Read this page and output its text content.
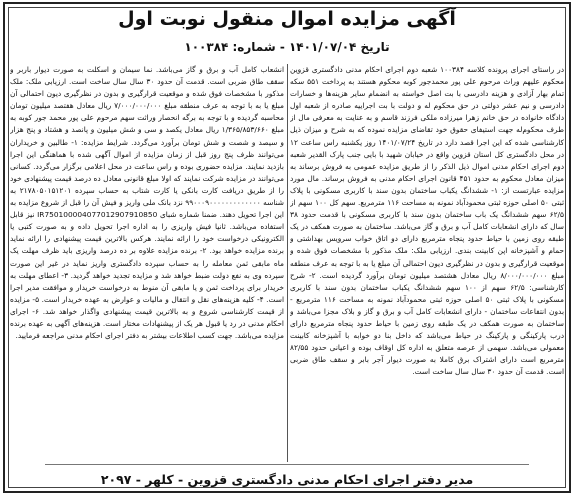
آگهی مزایده اموال منقول نوبت اول
تاریخ ۱۴۰۱/۰۷/۰۴ - شماره: ۱۰۰۳۸۴

در راستای اجرای پرونده کلاسه ۱۰۰۳۸۴ شعبه دوم اجرای احکام مدنی دادگستری قزوین محکوم علیهم وراث مرحوم علی پور محمدجور کوبه محکوم هستند به پرداخت ۵۵۱ سکه تمام بهار آزادی و هزینه دادرسی با بت اصل خواسته به انضمام سایر هزینه‌ها و خسارات دادرسی و نیم عشر دولتی در حق محکوم له و دولت با بت اجراییه صادره از شعبه اول دادگاه خانواده در حق خانم زهرا میرزاده ملکی فرزند قاسم و به عنایت به معرفی مال از طرف محکوم‌له جهت استیفای حقوق خود تقاضای مزایده نموده که به شرح و میزان ذیل کارشناسی شده که این اجرا قصد دارد در تاریخ ۱۴۰۱/۰۷/۲۴ روز یکشنبه راس ساعت ۱۲ در محل دادگستری کل استان قزوین واقع در خیابان شهید با بایی جنب پارک القدیر شعبه دوم اجرای احکام مدنی اموال ذیل الذکر را از طریق مزایده عمومی به فروش برساند به میزان معادل محکوم به حدود ۴۵۱ قانون اجرای احکام مدنی به فروش برساند. مال مورد مزایده عبارتست از: ۱- ششدانگ یکباب ساختمان بدون سند با کاربری مسکونی با پلاک ثبتی ۵۰ اصلی حوزه ثبتی محمودآباد نمونه به مساحت ۱۱۶ مترمربع. سهم کل ۱۰۰ سهم از ۶۲/۵ سهم ششدانگ یک باب ساختمان بدون سند با کاربری مسکونی با قدمت حدود ۳۸ سال که دارای انشعابات کامل آب و برق و گاز می‌باشد. ساختمان به صورت همکف در یک طبقه روی زمین با حیاط حدود پنجاه مترمربع دارای دو اتاق خواب سرویس بهداشتی و حمام و آشپزخانه اپن کابینت بندی. ارزیابی ملک: ملک مذکور با مشخصات فوق شده و موقعیت قرارگیری و بدون در نظرگیری دیون احتمالی آن مبلغ یا به با توجه به عرف منطقه مبلغ ۸/۰۰۰/۰۰۰/۰۰۰ ریال معادل هشتصد میلیون تومان برآورد گردیده است. ۲- شرح کارشناسی: ۶۲/۵ سهم از ۱۰۰ سهم ششدانگ یکباب ساختمان بدون سند با کاربری مسکونی با پلاک ثبتی ۵۰ اصلی حوزه ثبتی محمودآباد نمونه به مساحت ۱۱۶ مترمربع - بدون انتفاعات ساختمان - دارای انشعابات کامل آب و برق و گاز و بلاک مجزا می‌باشد و ساختمان به صورت همکف در یک طبقه روی زمین با حیاط حدود پنجاه مترمربع دارای درب پارکینگی و پارکینگ در حیاط می‌باشد که داخل بنا دو خوابه با آشپزخانه کابینت معمولی می‌باشد. سهمی از عرصه متعلق به اداره کل اوقاف بوده و اعیانی حدود ۸۲/۵۵ مترمربع است دارای اشتراک برق کاملا به صورت دیوار آجر بابر و سقف طاق ضربی است. قدمت آن حدود ۳۰ سال سال ساخت است.

انشعاب کامل آب و برق و گاز می‌باشد. نما سیمان و اسکلت به صورت دیوار باربر و سقف طاق ضربی است. قدمت آن حدود ۳۰ سال سال ساخت است. ارزیابی ملک: ملک مذکور با مشخصات فوق شده و موقعیت قرارگیری و بدون در نظرگیری دیون احتمالی آن مبلغ یا به با توجه به عرف منطقه مبلغ ۷/۰۰۰/۰۰۰/۰۰۰ ریال معادل هفتصد میلیون تومان محاسبه گردیده و با توجه به برگه انحصار وراثت سهم مرحوم علی پور محمد جور کوبه به مبلغ ۱/۳۶۵/۸۵۳/۶۶۰ ریال معادل یکصد و سی و شش میلیون و پانصد و هشتاد و پنج هزار و سیصد و شصت و شش تومان برآورد می‌گردد. شرایط مزایده: ۱- طالبین و خریداران می‌توانند ظرف پنج روز قبل از زمان مزایده از اموال آگهی شده با هماهنگی این اجرا بازدید نمایند. مزایده حضوری بوده و راس ساعت در محل اعلامی برگزار می‌گردد. کسانی می‌توانند در مزایده شرکت نمایند که اولا مبلغ قانونی معادل ده درصد قیمت پیشنهادی خود را از طریق دریافت کارت بانکی یا کارت شتاب به حساب سپرده ۲۱۷۸۰۵۰۱۵۱۲۰۱ به شناسه ۹۹۰۰۰۹۰۰۰۰۰۰۰۰۰۰۰۰۰ نزد بانک ملی واریز و فیش آن را قبل از شروع مزایده به این اجرا تحویل دهند. ضمنا شماره شبای IR750100004077012907910850 نیز قابل استفاده می‌باشد. ثانیا فیش واریزی را به اداره اجرا تحویل داده و به صورت کتبی یا الکترونیکی درخواست خود را ارائه نمایند. هرکس بالاترین قیمت پیشنهادی را ارائه نماید برنده مزایده خواهد بود. ۲- برنده مزایده علاوه بر ده درصد واریزی باید ظرف مهلت یک ماه مابقی ثمن معامله را به حساب سپرده دادگستری واریز نماید در غیر این صورت سپرده وی به نفع دولت ضبط خواهد شد و مزایده تجدید خواهد گردید. ۳- اعطای مهلت به خریدار برای پرداخت ثمن و یا مابقی آن منوط به درخواست خریدار و موافقت مدیر اجرا است. ۴- کلیه هزینه‌های نقل و انتقال و مالیات و عوارض به عهده خریدار است. ۵- مزایده از قیمت کارشناسی شروع و به بالاترین قیمت پیشنهادی واگذار خواهد شد. ۶- اجرای احکام مدنی در رد یا قبول هر یک از پیشنهادات مختار است. هزینه‌های آگهی به عهده برنده مزایده می‌باشد. جهت کسب اطلاعات بیشتر به دفتر اجرای احکام مدنی مراجعه فرمایید.

مدیر دفتر اجرای احکام مدنی دادگستری قزوین - کلهر - ۲۰۹۷
